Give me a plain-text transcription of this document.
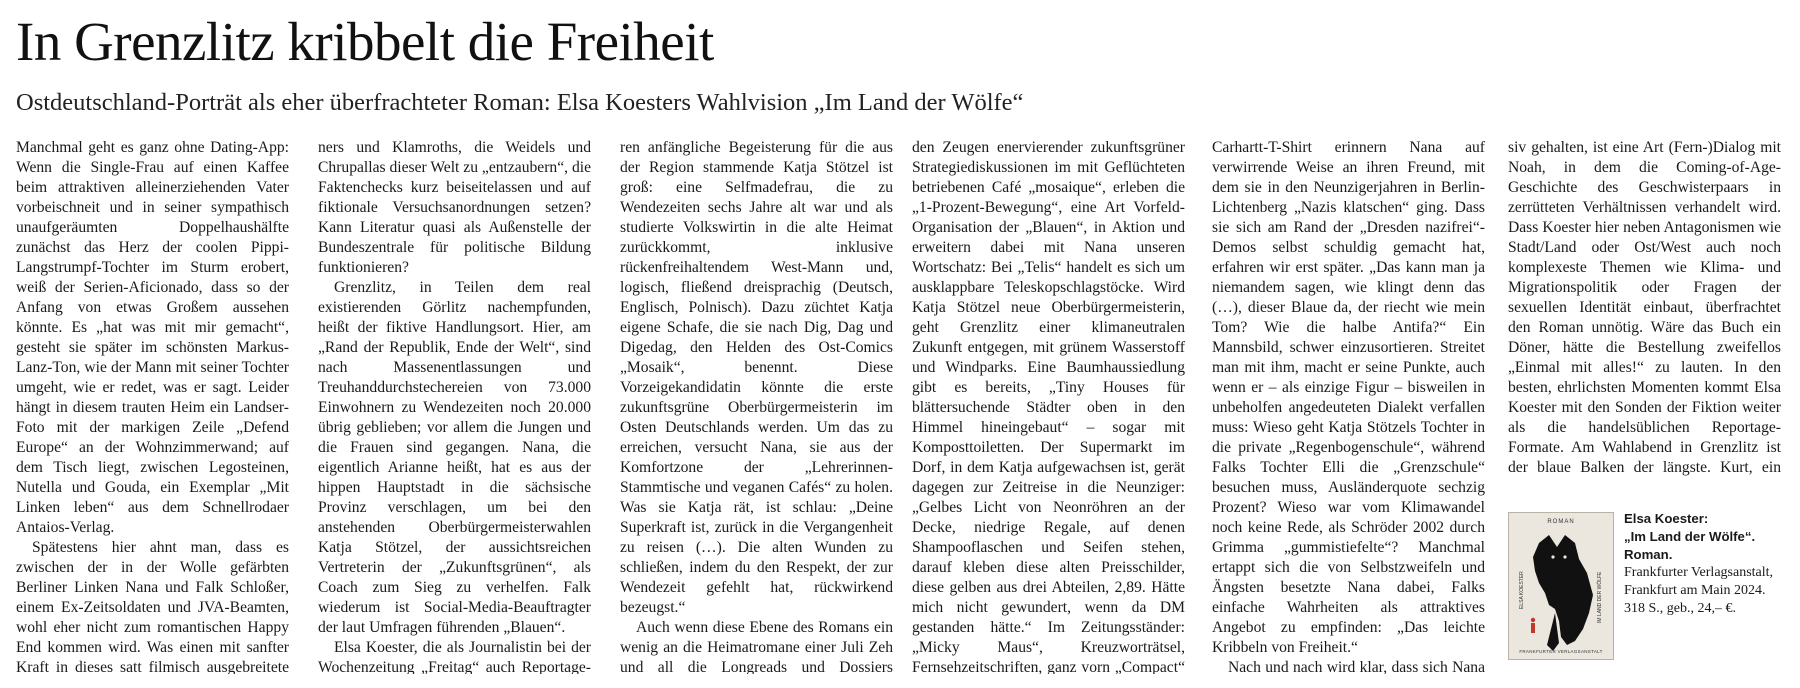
In Grenzlitz kribbelt die Freiheit
Ostdeutschland-Porträt als eher überfrachteter Roman: Elsa Koesters Wahlvision „Im Land der Wölfe“

Manchmal geht es ganz ohne Dating-App: Wenn die Single-Frau auf einen Kaffee beim attraktiven alleinerziehenden Vater vorbeischneit und in seiner sympathisch unaufgeräumten Doppelhaushälfte zunächst das Herz der coolen Pippi-Langstrumpf-Tochter im Sturm erobert, weiß der Serien-Aficionado, dass so der Anfang von etwas Großem aussehen könnte. Es „hat was mit mir gemacht“, gesteht sie später im schönsten Markus-Lanz-Ton, wie der Mann mit seiner Tochter umgeht, wie er redet, was er sagt. Leider hängt in diesem trauten Heim ein Landser-Foto mit der markigen Zeile „Defend Europe“ an der Wohnzimmerwand; auf dem Tisch liegt, zwischen Legosteinen, Nutella und Gouda, ein Exemplar „Mit Linken leben“ aus dem Schnellrodaer Antaios-Verlag.

Spätestens hier ahnt man, dass es zwischen der in der Wolle gefärbten Berliner Linken Nana und Falk Schloßer, einem Ex-Zeitsoldaten und JVA-Beamten, wohl eher nicht zum romantischen Happy End kommen wird. Was einen mit sanfter Kraft in dieses satt filmisch ausgebreitete

ners und Klamroths, die Weidels und Chrupallas dieser Welt zu „entzaubern“, die Faktenchecks kurz beiseitelassen und auf fiktionale Versuchsanordnungen setzen? Kann Literatur quasi als Außenstelle der Bundeszentrale für politische Bildung funktionieren?

Grenzlitz, in Teilen dem real existierenden Görlitz nachempfunden, heißt der fiktive Handlungsort. Hier, am „Rand der Republik, Ende der Welt“, sind nach Massenentlassungen und Treuhanddurchstechereien von 73.000 Einwohnern zu Wendezeiten noch 20.000 übrig geblieben; vor allem die Jungen und die Frauen sind gegangen. Nana, die eigentlich Arianne heißt, hat es aus der hippen Hauptstadt in die sächsische Provinz verschlagen, um bei den anstehenden Oberbürgermeisterwahlen Katja Stötzel, der aussichtsreichen Vertreterin der „Zukunftsgrünen“, als Coach zum Sieg zu verhelfen. Falk wiederum ist Social-Media-Beauftragter der laut Umfragen führenden „Blauen“.

Elsa Koester, die als Journalistin bei der Wochenzeitung „Freitag“ auch Reportage-

ren anfängliche Begeisterung für die aus der Region stammende Katja Stötzel ist groß: eine Selfmadefrau, die zu Wendezeiten sechs Jahre alt war und als studierte Volkswirtin in die alte Heimat zurückkommt, inklusive rückenfreihaltendem West-Mann und, logisch, fließend dreisprachig (Deutsch, Englisch, Polnisch). Dazu züchtet Katja eigene Schafe, die sie nach Dig, Dag und Digedag, den Helden des Ost-Comics „Mosaik“, benennt. Diese Vorzeigekandidatin könnte die erste zukunftsgrüne Oberbürgermeisterin im Osten Deutschlands werden. Um das zu erreichen, versucht Nana, sie aus der Komfortzone der „Lehrerinnen-Stammtische und veganen Cafés“ zu holen. Was sie Katja rät, ist schlau: „Deine Superkraft ist, zurück in die Vergangenheit zu reisen (…). Die alten Wunden zu schließen, indem du den Respekt, der zur Wendezeit gefehlt hat, rückwirkend bezeugst.“

Auch wenn diese Ebene des Romans ein wenig an die Heimatromane einer Juli Zeh und all die Longreads und Dossiers

den Zeugen enervierender zukunftsgrüner Strategiediskussionen im mit Geflüchteten betriebenen Café „mosaique“, erleben die „1-Prozent-Bewegung“, eine Art Vorfeld-Organisation der „Blauen“, in Aktion und erweitern dabei mit Nana unseren Wortschatz: Bei „Telis“ handelt es sich um ausklappbare Teleskopschlagstöcke. Wird Katja Stötzel neue Oberbürgermeisterin, geht Grenzlitz einer klimaneutralen Zukunft entgegen, mit grünem Wasserstoff und Windparks. Eine Baumhaussiedlung gibt es bereits, „Tiny Houses für blättersuchende Städter oben in den Himmel hineingebaut“ – sogar mit Komposttoiletten. Der Supermarkt im Dorf, in dem Katja aufgewachsen ist, gerät dagegen zur Zeitreise in die Neunziger: „Gelbes Licht von Neonröhren an der Decke, niedrige Regale, auf denen Shampooflaschen und Seifen stehen, darauf kleben diese alten Preisschilder, diese gelben aus drei Abteilen, 2,89. Hätte mich nicht gewundert, wenn da DM gestanden hätte.“ Im Zeitungsständer: „Micky Maus“, Kreuzworträtsel, Fernsehzeitschriften, ganz vorn „Compact“

Carhartt-T-Shirt erinnern Nana auf verwirrende Weise an ihren Freund, mit dem sie in den Neunzigerjahren in Berlin-Lichtenberg „Nazis klatschen“ ging. Dass sie sich am Rand der „Dresden nazifrei“-Demos selbst schuldig gemacht hat, erfahren wir erst später. „Das kann man ja niemandem sagen, wie klingt denn das (…), dieser Blaue da, der riecht wie mein Tom? Wie die halbe Antifa?“ Ein Mannsbild, schwer einzusortieren. Streitet man mit ihm, macht er seine Punkte, auch wenn er – als einzige Figur – bisweilen in unbeholfen angedeuteten Dialekt verfallen muss: Wieso geht Katja Stötzels Tochter in die private „Regenbogenschule“, während Falks Tochter Elli die „Grenzschule“ besuchen muss, Ausländerquote sechzig Prozent? Wieso war vom Klimawandel noch keine Rede, als Schröder 2002 durch Grimma „gummistiefelte“? Manchmal ertappt sich die von Selbstzweifeln und Ängsten besetzte Nana dabei, Falks einfache Wahrheiten als attraktives Angebot zu empfinden: „Das leichte Kribbeln von Freiheit.“

Nach und nach wird klar, dass sich Nana

siv gehalten, ist eine Art (Fern-)Dialog mit Noah, in dem die Coming-of-Age-Geschichte des Geschwisterpaars in zerrütteten Verhältnissen verhandelt wird. Dass Koester hier neben Antagonismen wie Stadt/Land oder Ost/West auch noch komplexeste Themen wie Klima- und Migrationspolitik oder Fragen der sexuellen Identität einbaut, überfrachtet den Roman unnötig. Wäre das Buch ein Döner, hätte die Bestellung zweifellos „Einmal mit alles!“ zu lauten. In den besten, ehrlichsten Momenten kommt Elsa Koester mit den Sonden der Fiktion weiter als die handelsüblichen Reportage-Formate. Am Wahlabend in Grenzlitz ist der blaue Balken der längste. Kurt, ein

ROMAN
ELSA KOESTER	IM LAND DER WÖLFE
FRANKFURTER VERLAGSANSTALT
Elsa Koester:
„Im Land der Wölfe“.
Roman.
Frankfurter Verlagsanstalt,
Frankfurt am Main 2024.
318 S., geb., 24,– €.
